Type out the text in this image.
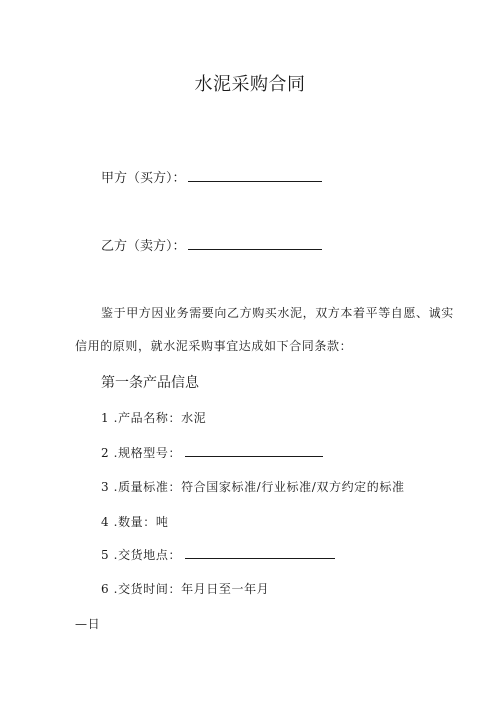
水泥采购合同
甲方（买方）：
乙方（卖方）：
鉴于甲方因业务需要向乙方购买水泥，双方本着平等自愿、诚实
信用的原则，就水泥采购事宜达成如下合同条款：
第一条产品信息
1 .产品名称：水泥
2 .规格型号：
3 .质量标准：符合国家标准/行业标准/双方约定的标准
4 .数量：吨
5 .交货地点：
6 .交货时间：年月日至一年月
—日
